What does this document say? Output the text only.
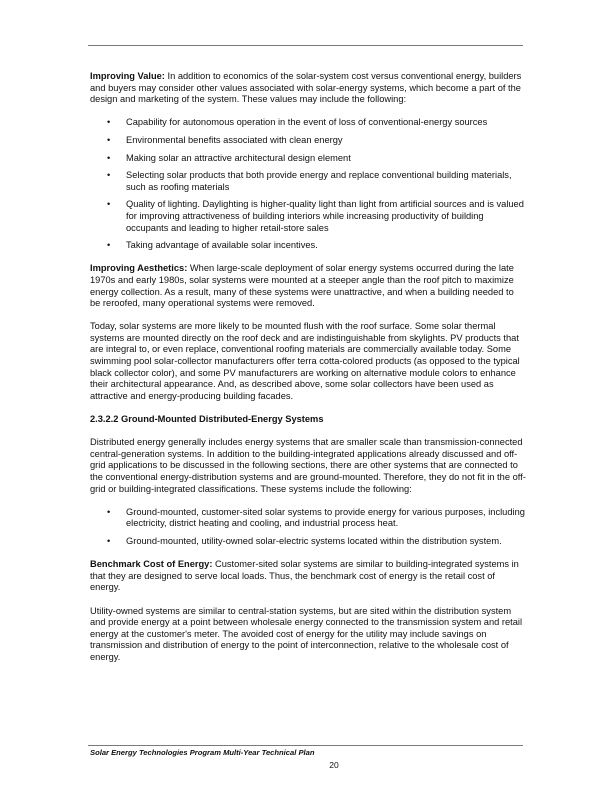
Improving Value: In addition to economics of the solar-system cost versus conventional energy, builders and buyers may consider other values associated with solar-energy systems, which become a part of the design and marketing of the system. These values may include the following:

• Capability for autonomous operation in the event of loss of conventional-energy sources
• Environmental benefits associated with clean energy
• Making solar an attractive architectural design element
• Selecting solar products that both provide energy and replace conventional building materials, such as roofing materials
• Quality of lighting. Daylighting is higher-quality light than light from artificial sources and is valued for improving attractiveness of building interiors while increasing productivity of building occupants and leading to higher retail-store sales
• Taking advantage of available solar incentives.

Improving Aesthetics: When large-scale deployment of solar energy systems occurred during the late 1970s and early 1980s, solar systems were mounted at a steeper angle than the roof pitch to maximize energy collection. As a result, many of these systems were unattractive, and when a building needed to be reroofed, many operational systems were removed.

Today, solar systems are more likely to be mounted flush with the roof surface. Some solar thermal systems are mounted directly on the roof deck and are indistinguishable from skylights. PV products that are integral to, or even replace, conventional roofing materials are commercially available today. Some swimming pool solar-collector manufacturers offer terra cotta-colored products (as opposed to the typical black collector color), and some PV manufacturers are working on alternative module colors to enhance their architectural appearance. And, as described above, some solar collectors have been used as attractive and energy-producing building facades.

2.3.2.2 Ground-Mounted Distributed-Energy Systems

Distributed energy generally includes energy systems that are smaller scale than transmission-connected central-generation systems. In addition to the building-integrated applications already discussed and off-grid applications to be discussed in the following sections, there are other systems that are connected to the conventional energy-distribution systems and are ground-mounted. Therefore, they do not fit in the off-grid or building-integrated classifications. These systems include the following:

• Ground-mounted, customer-sited solar systems to provide energy for various purposes, including electricity, district heating and cooling, and industrial process heat.
• Ground-mounted, utility-owned solar-electric systems located within the distribution system.

Benchmark Cost of Energy: Customer-sited solar systems are similar to building-integrated systems in that they are designed to serve local loads. Thus, the benchmark cost of energy is the retail cost of energy.

Utility-owned systems are similar to central-station systems, but are sited within the distribution system and provide energy at a point between wholesale energy connected to the transmission system and retail energy at the customer's meter. The avoided cost of energy for the utility may include savings on transmission and distribution of energy to the point of interconnection, relative to the wholesale cost of energy.

Solar Energy Technologies Program Multi-Year Technical Plan
20
